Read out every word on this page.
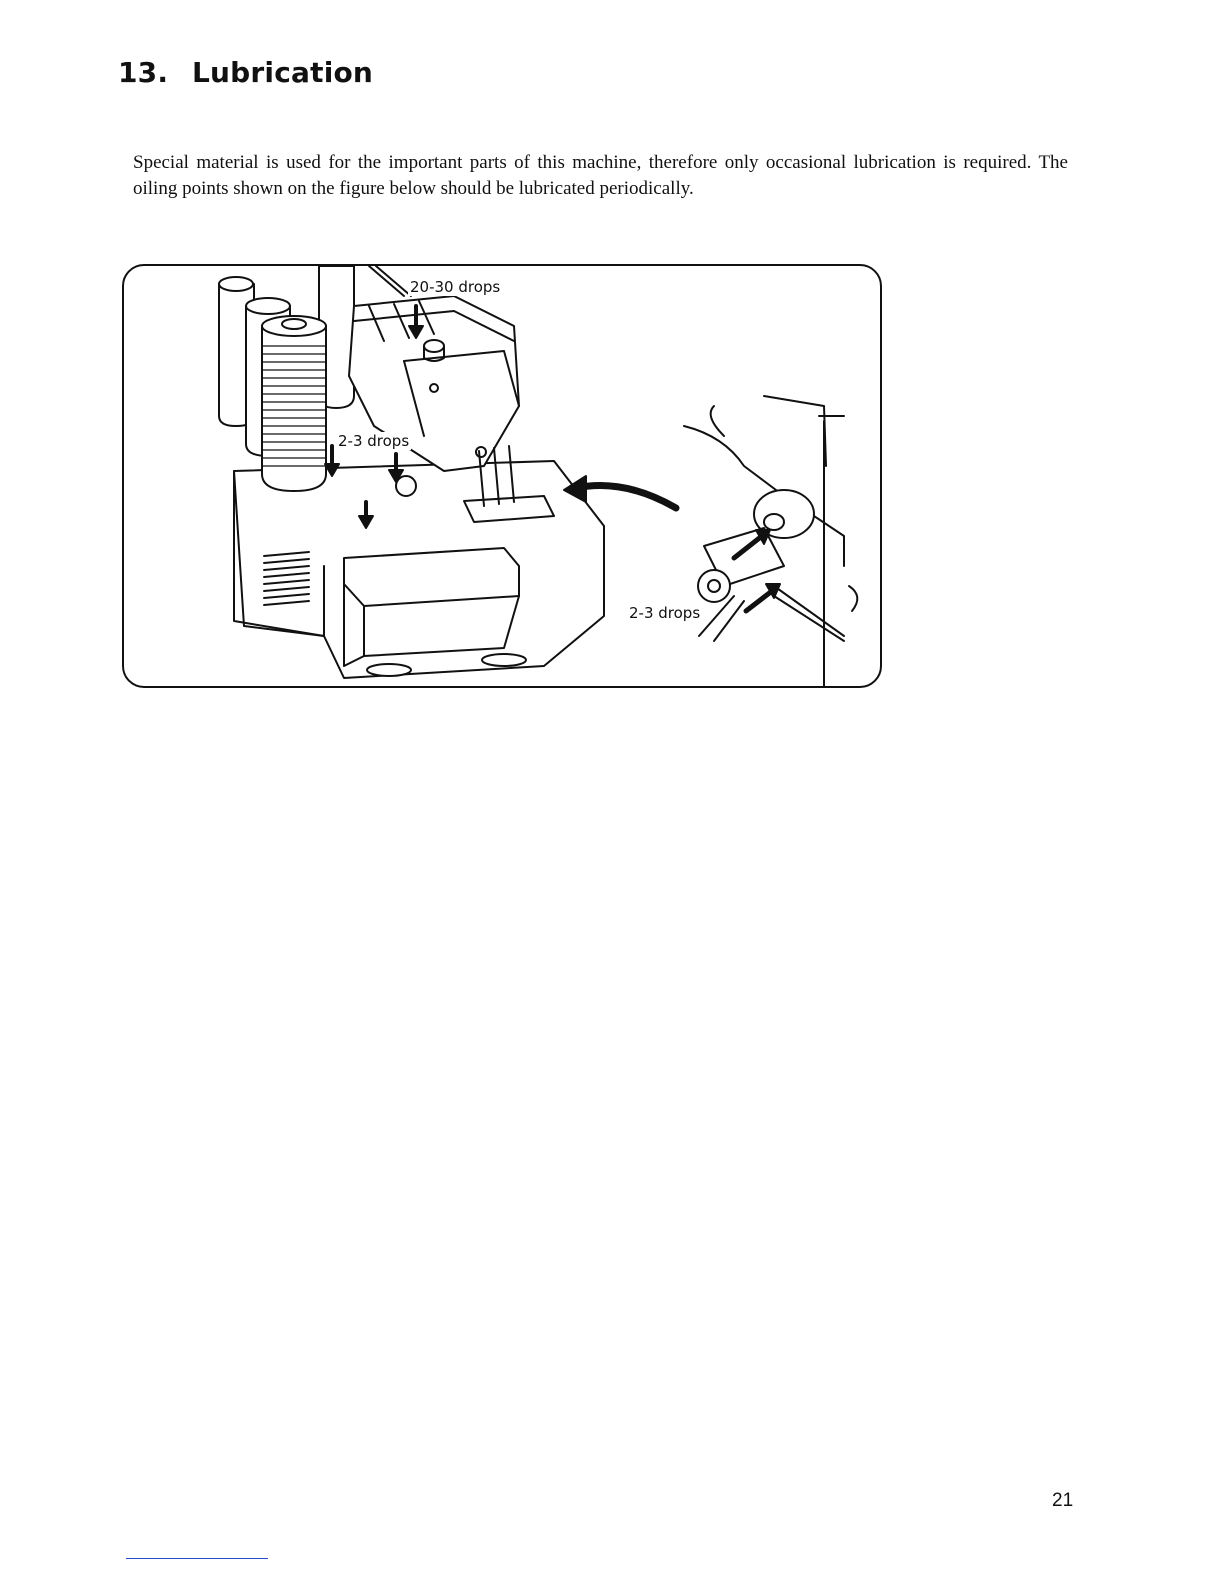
13. Lubrication

Special material is used for the important parts of this machine, therefore only occasional lubrication is required. The oiling points shown on the figure below should be lubricated periodically.

20-30 drops
2-3 drops
2-3 drops
21
